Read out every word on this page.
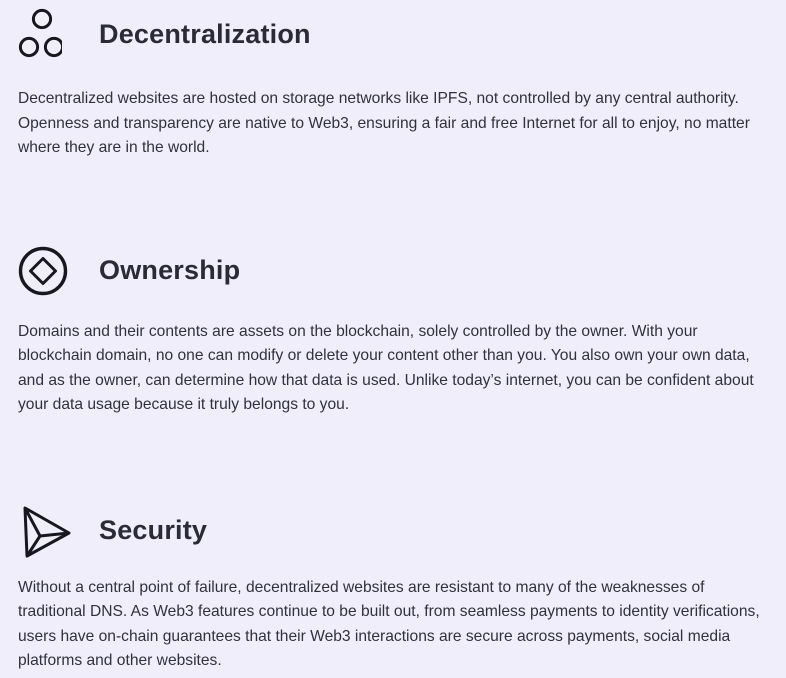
Decentralization

Decentralized websites are hosted on storage networks like IPFS, not controlled by any central authority. Openness and transparency are native to Web3, ensuring a fair and free Internet for all to enjoy, no matter where they are in the world.

Ownership

Domains and their contents are assets on the blockchain, solely controlled by the owner. With your blockchain domain, no one can modify or delete your content other than you. You also own your own data, and as the owner, can determine how that data is used. Unlike today’s internet, you can be confident about your data usage because it truly belongs to you.

Security

Without a central point of failure, decentralized websites are resistant to many of the weaknesses of traditional DNS. As Web3 features continue to be built out, from seamless payments to identity verifications, users have on-chain guarantees that their Web3 interactions are secure across payments, social media platforms and other websites.
